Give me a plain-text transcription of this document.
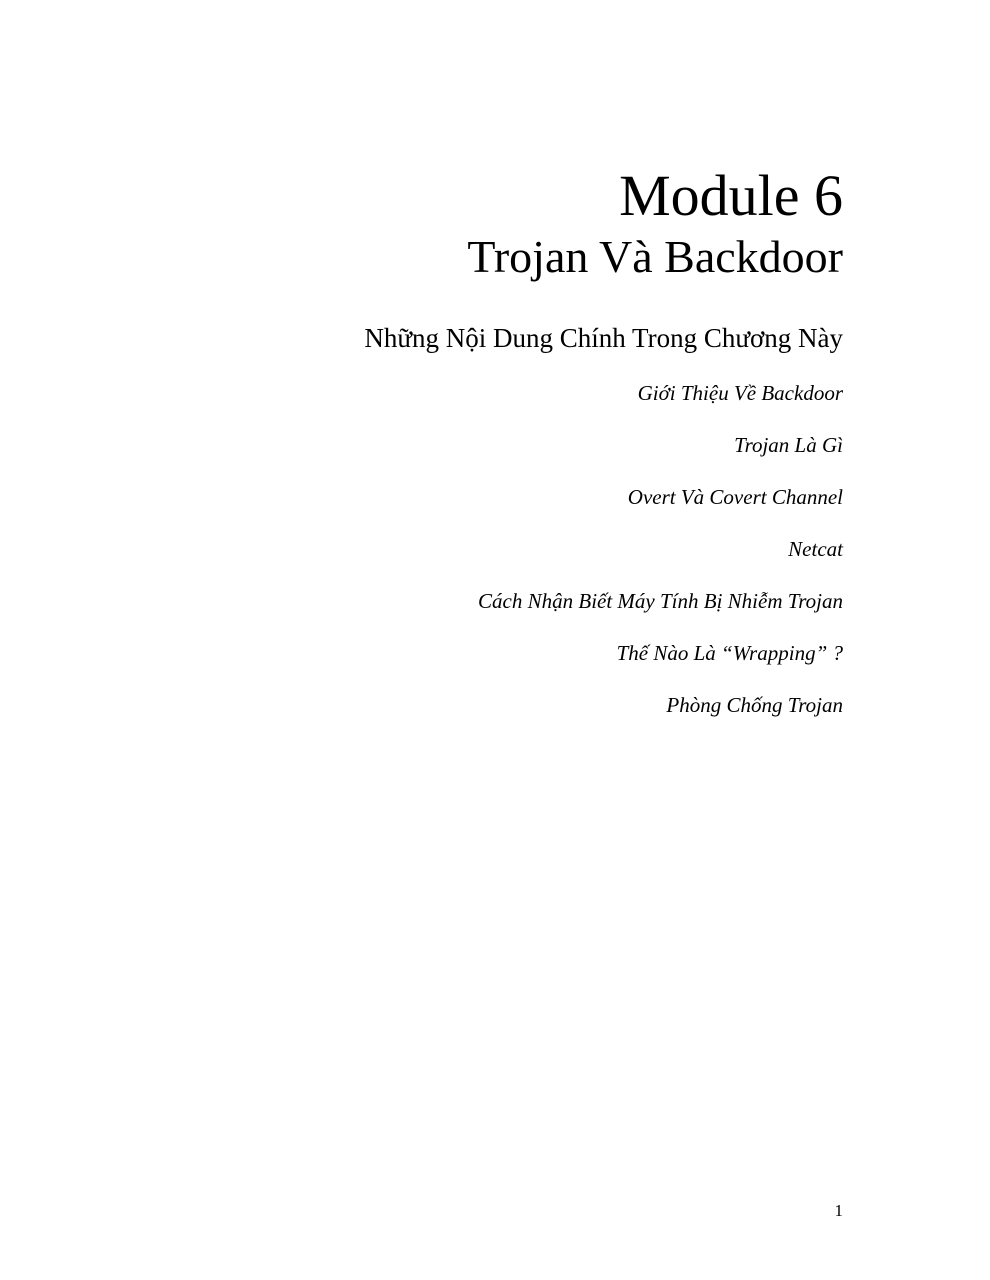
Module 6
Trojan Và Backdoor
Những Nội Dung Chính Trong Chương Này
Giới Thiệu Về Backdoor
Trojan Là Gì
Overt Và Covert Channel
Netcat
Cách Nhận Biết Máy Tính Bị Nhiễm Trojan
Thế Nào Là “Wrapping” ?
Phòng Chống Trojan
1
